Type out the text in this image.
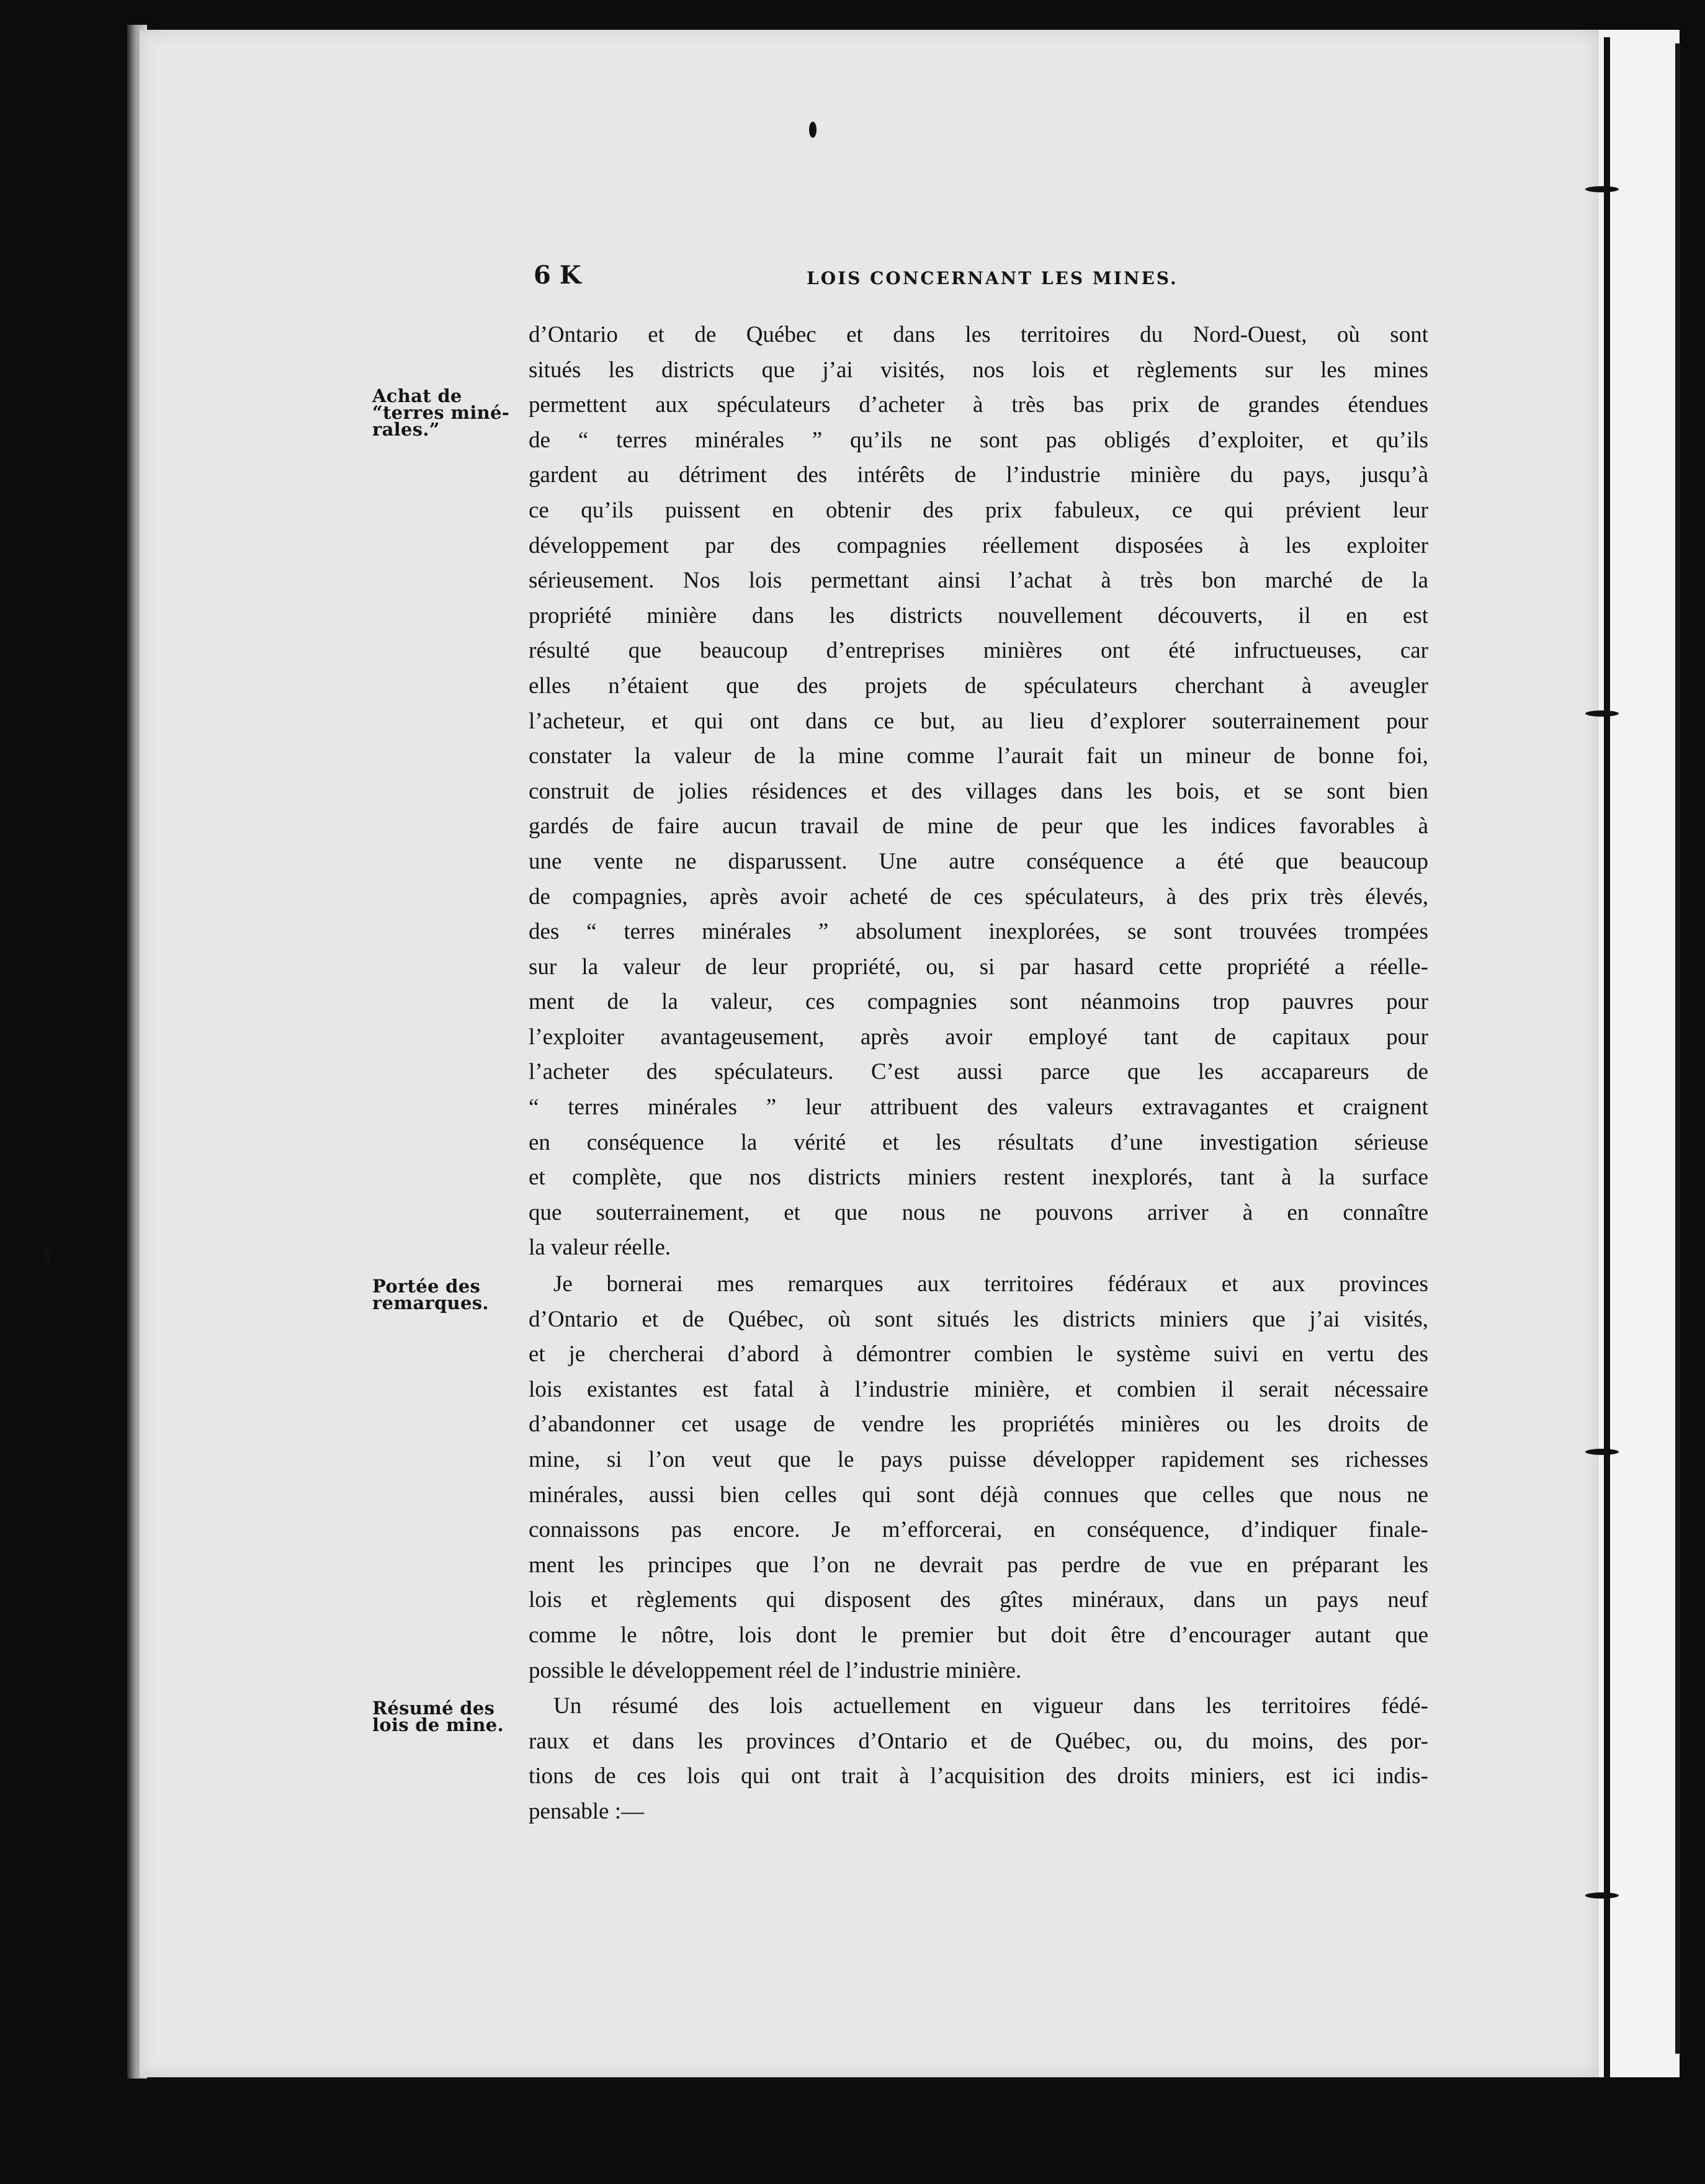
6 K	LOIS CONCERNANT LES MINES.
Achat de “terres miné-rales.”
Portée des remarques.
Résumé des lois de mine.
d’Ontario et de Québec et dans les territoires du Nord-Ouest, où sont
situés les districts que j’ai visités, nos lois et règlements sur les mines
permettent aux spéculateurs d’acheter à très bas prix de grandes étendues
de “ terres minérales ” qu’ils ne sont pas obligés d’exploiter, et qu’ils
gardent au détriment des intérêts de l’industrie minière du pays, jusqu’à
ce qu’ils puissent en obtenir des prix fabuleux, ce qui prévient leur
développement par des compagnies réellement disposées à les exploiter
sérieusement. Nos lois permettant ainsi l’achat à très bon marché de la
propriété minière dans les districts nouvellement découverts, il en est
résulté que beaucoup d’entreprises minières ont été infructueuses, car
elles n’étaient que des projets de spéculateurs cherchant à aveugler
l’acheteur, et qui ont dans ce but, au lieu d’explorer souterrainement pour
constater la valeur de la mine comme l’aurait fait un mineur de bonne foi,
construit de jolies résidences et des villages dans les bois, et se sont bien
gardés de faire aucun travail de mine de peur que les indices favorables à
une vente ne disparussent. Une autre conséquence a été que beaucoup
de compagnies, après avoir acheté de ces spéculateurs, à des prix très élevés,
des “ terres minérales ” absolument inexplorées, se sont trouvées trompées
sur la valeur de leur propriété, ou, si par hasard cette propriété a réelle-
ment de la valeur, ces compagnies sont néanmoins trop pauvres pour
l’exploiter avantageusement, après avoir employé tant de capitaux pour
l’acheter des spéculateurs. C’est aussi parce que les accapareurs de
“ terres minérales ” leur attribuent des valeurs extravagantes et craignent
en conséquence la vérité et les résultats d’une investigation sérieuse
et complète, que nos districts miniers restent inexplorés, tant à la surface
que souterrainement, et que nous ne pouvons arriver à en connaître
la valeur réelle.
Je bornerai mes remarques aux territoires fédéraux et aux provinces
d’Ontario et de Québec, où sont situés les districts miniers que j’ai visités,
et je chercherai d’abord à démontrer combien le système suivi en vertu des
lois existantes est fatal à l’industrie minière, et combien il serait nécessaire
d’abandonner cet usage de vendre les propriétés minières ou les droits de
mine, si l’on veut que le pays puisse développer rapidement ses richesses
minérales, aussi bien celles qui sont déjà connues que celles que nous ne
connaissons pas encore. Je m’efforcerai, en conséquence, d’indiquer finale-
ment les principes que l’on ne devrait pas perdre de vue en préparant les
lois et règlements qui disposent des gîtes minéraux, dans un pays neuf
comme le nôtre, lois dont le premier but doit être d’encourager autant que
possible le développement réel de l’industrie minière.
Un résumé des lois actuellement en vigueur dans les territoires fédé-
raux et dans les provinces d’Ontario et de Québec, ou, du moins, des por-
tions de ces lois qui ont trait à l’acquisition des droits miniers, est ici indis-
pensable :—
